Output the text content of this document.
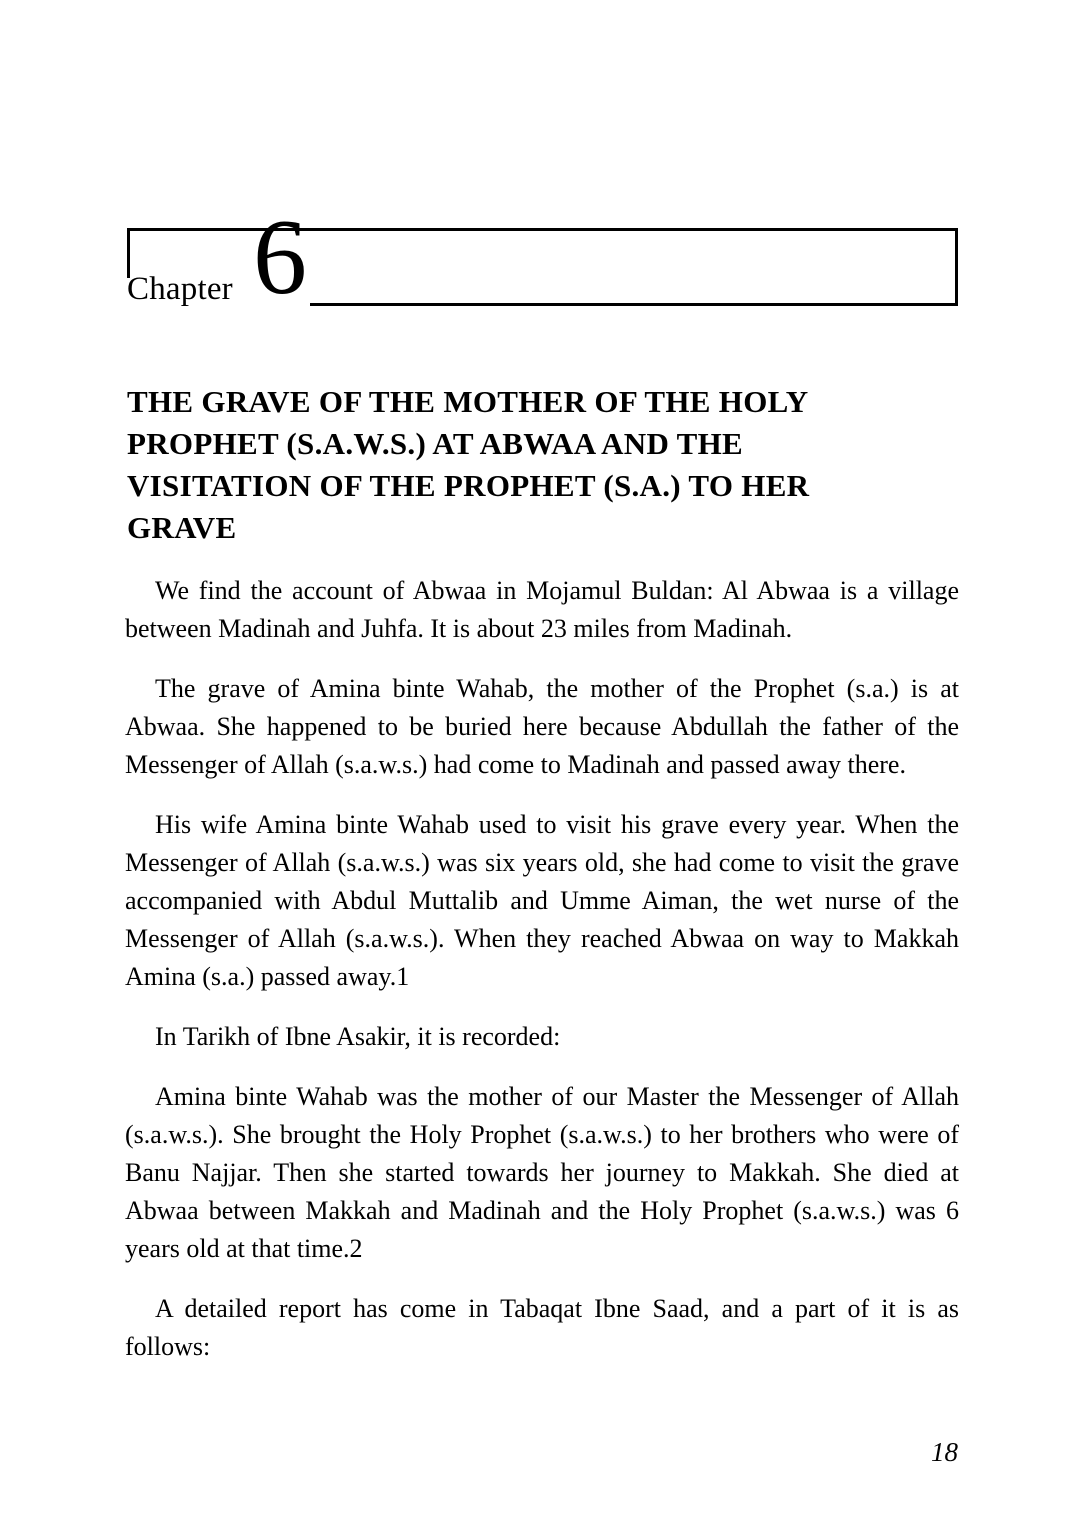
Chapter 6
THE GRAVE OF THE MOTHER OF THE HOLY PROPHET (S.A.W.S.) AT ABWAA AND THE VISITATION OF THE PROPHET (S.A.) TO HER GRAVE

We find the account of Abwaa in Mojamul Buldan: Al Abwaa is a village between Madinah and Juhfa. It is about 23 miles from Madinah.

The grave of Amina binte Wahab, the mother of the Prophet (s.a.) is at Abwaa. She happened to be buried here because Abdullah the father of the Messenger of Allah (s.a.w.s.) had come to Madinah and passed away there.

His wife Amina binte Wahab used to visit his grave every year. When the Messenger of Allah (s.a.w.s.) was six years old, she had come to visit the grave accompanied with Abdul Muttalib and Umme Aiman, the wet nurse of the Messenger of Allah (s.a.w.s.). When they reached Abwaa on way to Makkah Amina (s.a.) passed away.1

In Tarikh of Ibne Asakir, it is recorded:

Amina binte Wahab was the mother of our Master the Messenger of Allah (s.a.w.s.). She brought the Holy Prophet (s.a.w.s.) to her brothers who were of Banu Najjar. Then she started towards her journey to Makkah. She died at Abwaa between Makkah and Madinah and the Holy Prophet (s.a.w.s.) was 6 years old at that time.2

A detailed report has come in Tabaqat Ibne Saad, and a part of it is as follows:

18
